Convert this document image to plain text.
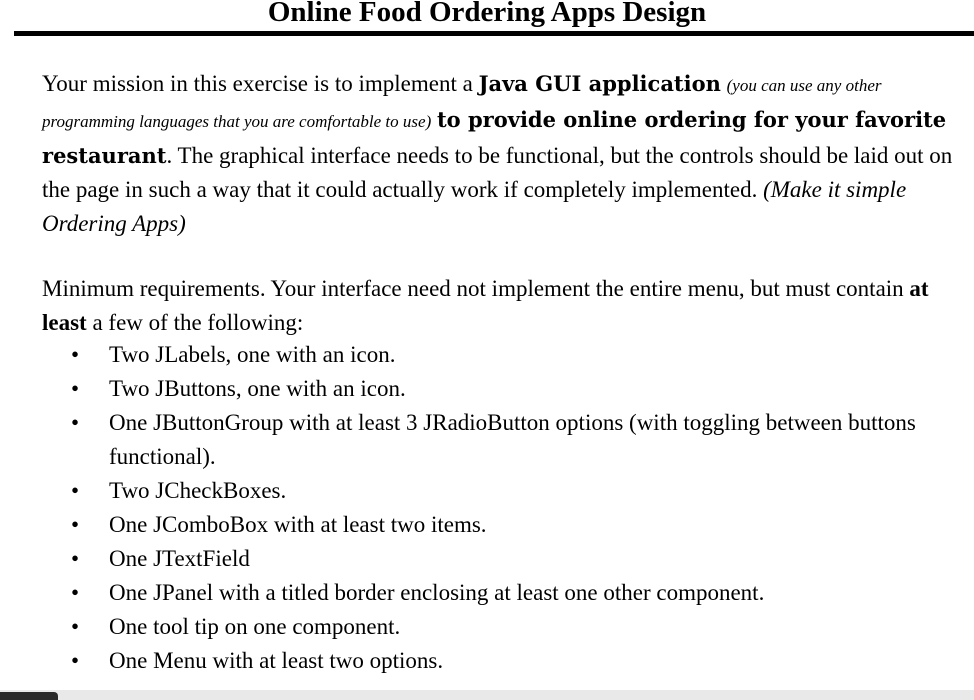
Online Food Ordering Apps Design

Your mission in this exercise is to implement a Java GUI application (you can use any other programming languages that you are comfortable to use) to provide online ordering for your favorite restaurant. The graphical interface needs to be functional, but the controls should be laid out on the page in such a way that it could actually work if completely implemented. (Make it simple Ordering Apps)

Minimum requirements. Your interface need not implement the entire menu, but must contain at least a few of the following:

• Two JLabels, one with an icon.
• Two JButtons, one with an icon.
• One JButtonGroup with at least 3 JRadioButton options (with toggling between buttons functional).
• Two JCheckBoxes.
• One JComboBox with at least two items.
• One JTextField
• One JPanel with a titled border enclosing at least one other component.
• One tool tip on one component.
• One Menu with at least two options.
